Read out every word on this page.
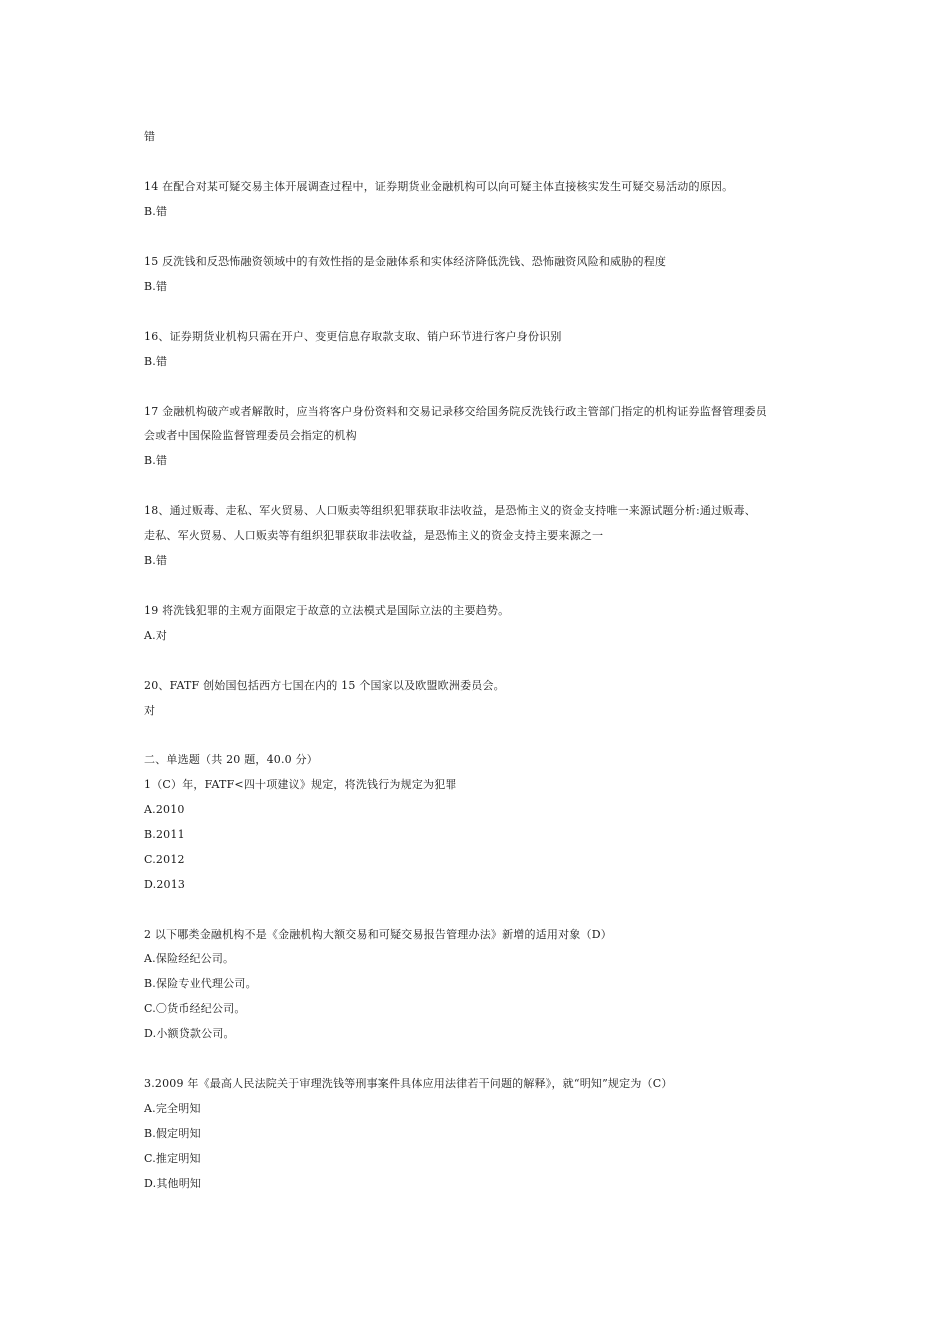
错
14 在配合对某可疑交易主体开展调查过程中，证券期货业金融机构可以向可疑主体直接核实发生可疑交易活动的原因。
B.错
15 反洗钱和反恐怖融资领域中的有效性指的是金融体系和实体经济降低洗钱、恐怖融资风险和威胁的程度
B.错
16、证券期货业机构只需在开户、变更信息存取款支取、销户环节进行客户身份识别
B.错
17 金融机构破产或者解散时，应当将客户身份资料和交易记录移交给国务院反洗钱行政主管部门指定的机构证券监督管理委员
会或者中国保险监督管理委员会指定的机构
B.错
18、通过贩毒、走私、军火贸易、人口贩卖等组织犯罪获取非法收益，是恐怖主义的资金支持唯一来源试题分析:通过贩毒、
走私、军火贸易、人口贩卖等有组织犯罪获取非法收益，是恐怖主义的资金支持主要来源之一
B.错
19 将洗钱犯罪的主观方面限定于故意的立法模式是国际立法的主要趋势。
A.对
20、FATF 创始国包括西方七国在内的 15 个国家以及欧盟欧洲委员会。
对
二、单选题（共 20 题，40.0 分）
1（C）年，FATF<四十项建议》规定，将洗钱行为规定为犯罪
A.2010
B.2011
C.2012
D.2013
2 以下哪类金融机构不是《金融机构大额交易和可疑交易报告管理办法》新增的适用对象（D）
A.保险经纪公司。
B.保险专业代理公司。
C.〇货币经纪公司。
D.小额贷款公司。
3.2009 年《最高人民法院关于审理洗钱等刑事案件具体应用法律若干问题的解释》，就“明知”规定为（C）
A.完全明知
B.假定明知
C.推定明知
D.其他明知
